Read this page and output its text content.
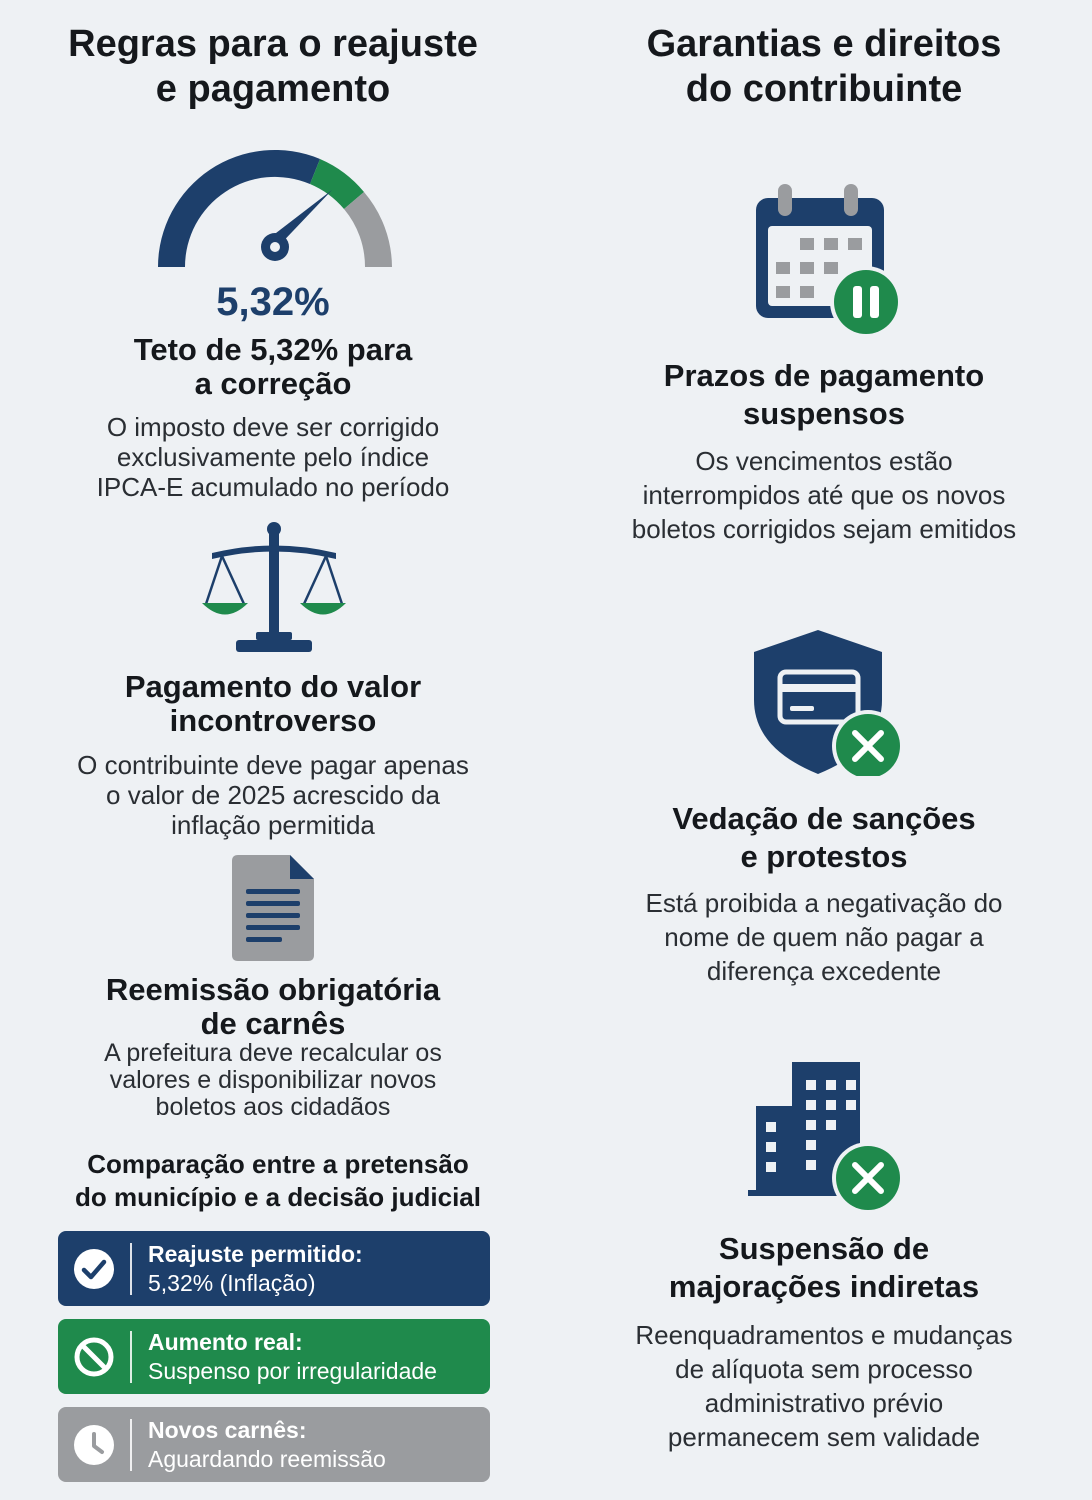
Regras para o reajuste
e pagamento
5,32%
Teto de 5,32% para
a correção

O imposto deve ser corrigido
exclusivamente pelo índice
IPCA-E acumulado no período

Pagamento do valor
incontroverso

O contribuinte deve pagar apenas
o valor de 2025 acrescido da
inflação permitida

Reemissão obrigatória
de carnês

A prefeitura deve recalcular os
valores e disponibilizar novos
boletos aos cidadãos

Comparação entre a pretensão
do município e a decisão judicial
Reajuste permitido:
5,32% (Inflação)
Aumento real:
Suspenso por irregularidade
Novos carnês:
Aguardando reemissão
Garantias e direitos
do contribuinte
Prazos de pagamento
suspensos

Os vencimentos estão
interrompidos até que os novos
boletos corrigidos sejam emitidos

Vedação de sanções
e protestos

Está proibida a negativação do
nome de quem não pagar a
diferença excedente

Suspensão de
majorações indiretas

Reenquadramentos e mudanças
de alíquota sem processo
administrativo prévio
permanecem sem validade
